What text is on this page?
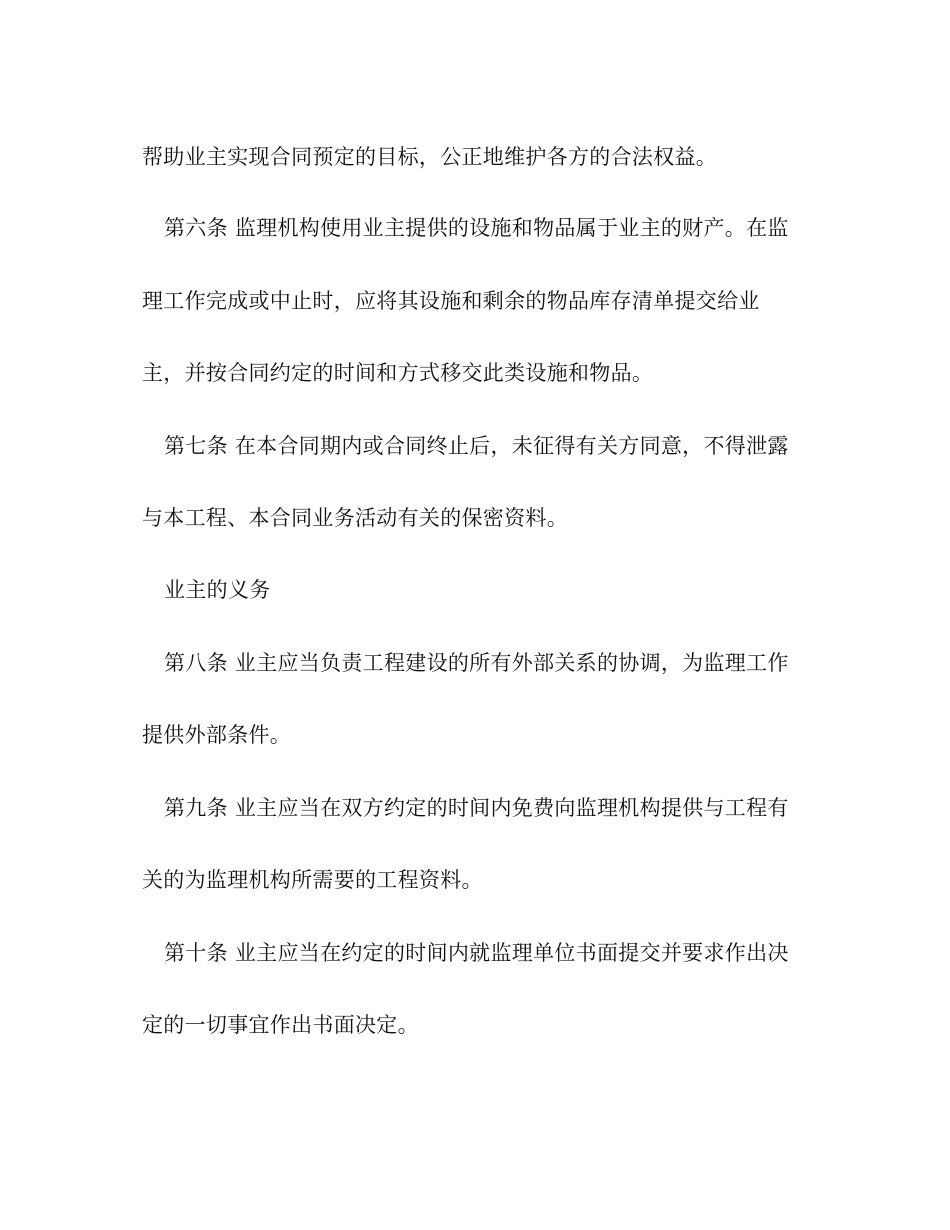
帮助业主实现合同预定的目标，公正地维护各方的合法权益。
第六条 监理机构使用业主提供的设施和物品属于业主的财产。在监
理工作完成或中止时，应将其设施和剩余的物品库存清单提交给业
主，并按合同约定的时间和方式移交此类设施和物品。
第七条 在本合同期内或合同终止后，未征得有关方同意，不得泄露
与本工程、本合同业务活动有关的保密资料。
业主的义务
第八条 业主应当负责工程建设的所有外部关系的协调，为监理工作
提供外部条件。
第九条 业主应当在双方约定的时间内免费向监理机构提供与工程有
关的为监理机构所需要的工程资料。
第十条 业主应当在约定的时间内就监理单位书面提交并要求作出决
定的一切事宜作出书面决定。
